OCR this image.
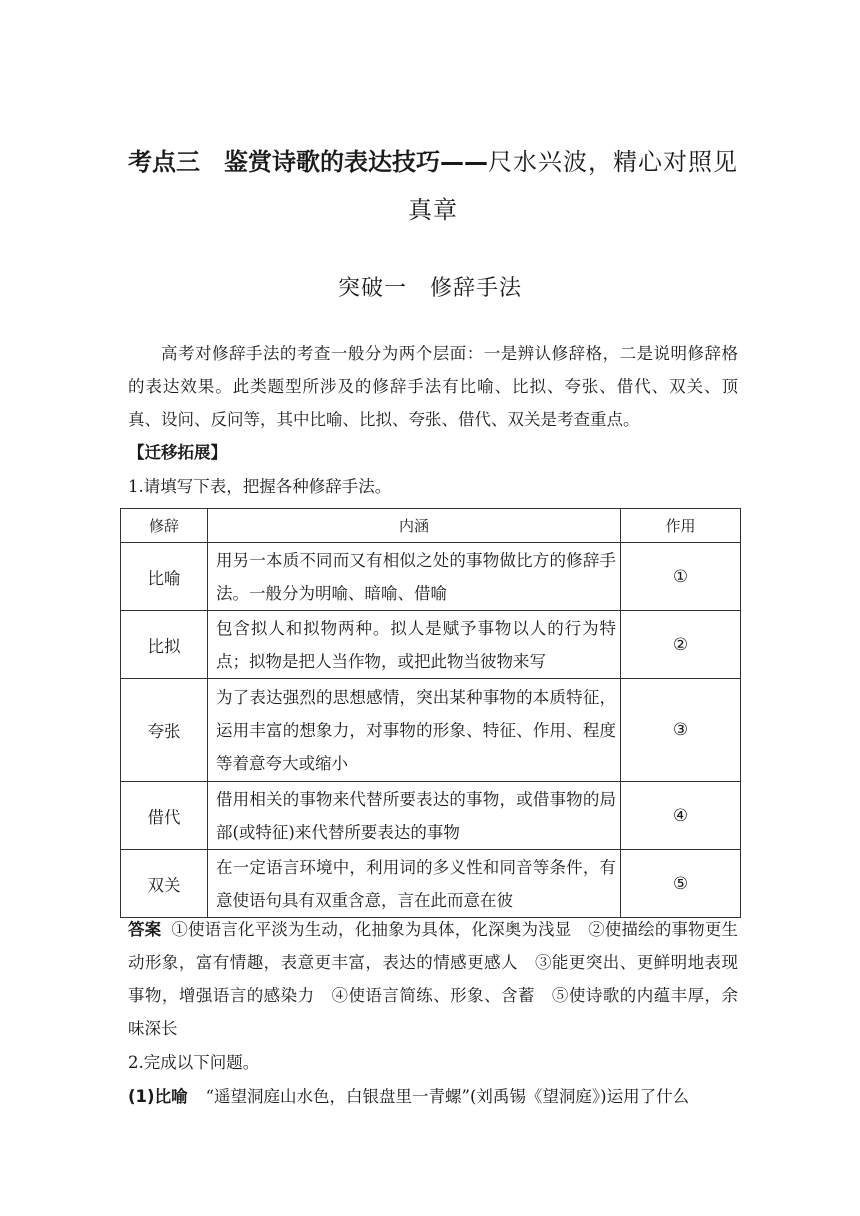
考点三　鉴赏诗歌的表达技巧——尺水兴波，精心对照见真章
突破一　修辞手法
高考对修辞手法的考查一般分为两个层面：一是辨认修辞格，二是说明修辞格的表达效果。此类题型所涉及的修辞手法有比喻、比拟、夸张、借代、双关、顶真、设问、反问等，其中比喻、比拟、夸张、借代、双关是考查重点。
【迁移拓展】
1.请填写下表，把握各种修辞手法。
修辞	内涵	作用
比喻	用另一本质不同而又有相似之处的事物做比方的修辞手法。一般分为明喻、暗喻、借喻	①
比拟	包含拟人和拟物两种。拟人是赋予事物以人的行为特点；拟物是把人当作物，或把此物当彼物来写	②
夸张	为了表达强烈的思想感情，突出某种事物的本质特征，运用丰富的想象力，对事物的形象、特征、作用、程度等着意夸大或缩小	③
借代	借用相关的事物来代替所要表达的事物，或借事物的局部(或特征)来代替所要表达的事物	④
双关	在一定语言环境中，利用词的多义性和同音等条件，有意使语句具有双重含意，言在此而意在彼	⑤
答案 ①使语言化平淡为生动，化抽象为具体，化深奥为浅显　②使描绘的事物更生动形象，富有情趣，表意更丰富，表达的情感更感人　③能更突出、更鲜明地表现事物，增强语言的感染力　④使语言简练、形象、含蓄　⑤使诗歌的内蕴丰厚，余味深长
2.完成以下问题。
(1)比喻 “遥望洞庭山水色，白银盘里一青螺”(刘禹锡《望洞庭》)运用了什么
